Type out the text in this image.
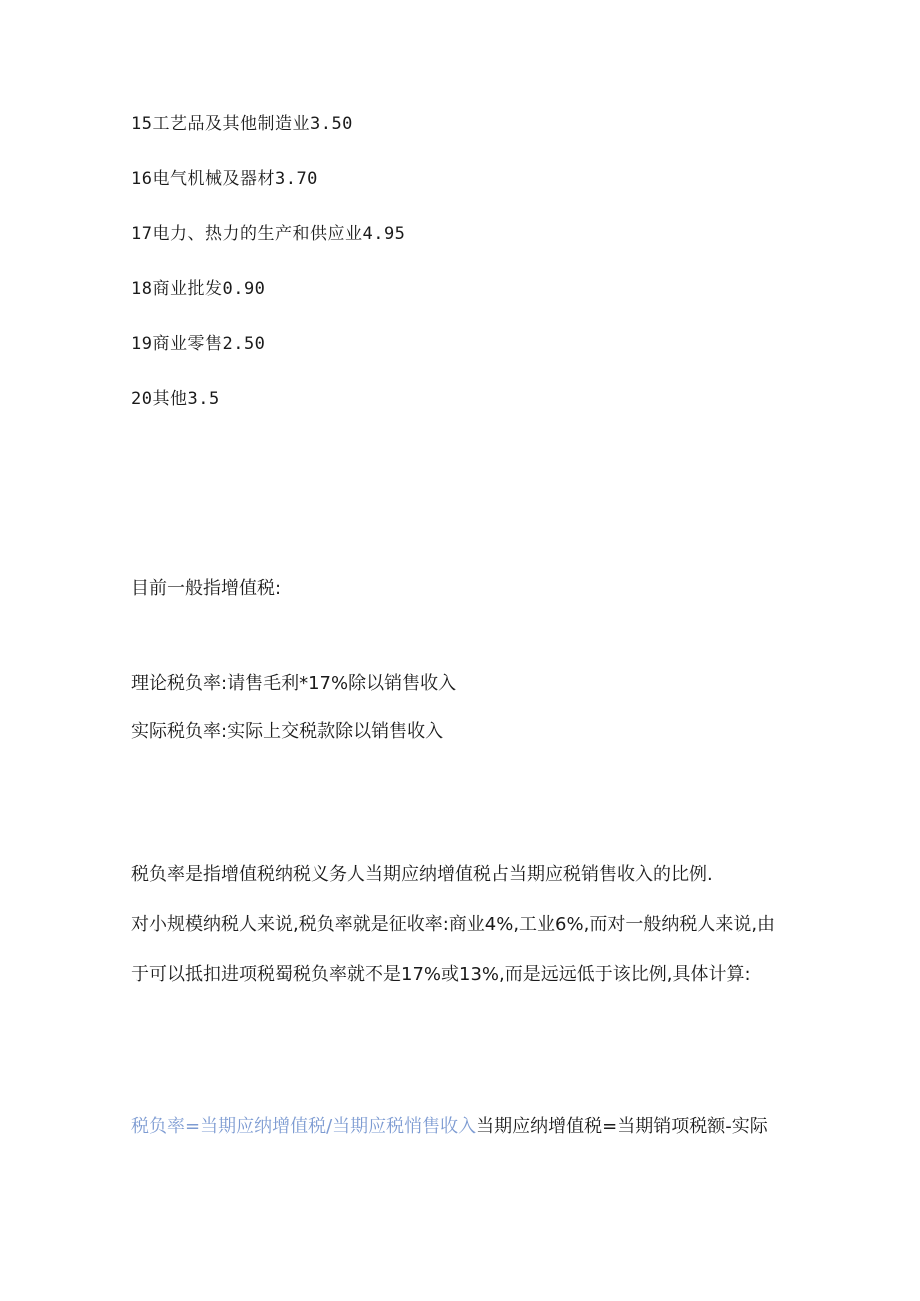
15工艺品及其他制造业3.50
16电气机械及器材3.70
17电力、热力的生产和供应业4.95
18商业批发0.90
19商业零售2.50
20其他3.5
目前一般指增值税:
理论税负率:请售毛利*17%除以销售收入
实际税负率:实际上交税款除以销售收入
税负率是指增值税纳税义务人当期应纳增值税占当期应税销售收入的比例.
对小规模纳税人来说,税负率就是征收率:商业4%,工业6%,而对一般纳税人来说,由
于可以抵扣进项税蜀税负率就不是17%或13%,而是远远低于该比例,具体计算:
税负率=当期应纳增值税/当期应税悄售收入当期应纳增值税=当期销项税额-实际
